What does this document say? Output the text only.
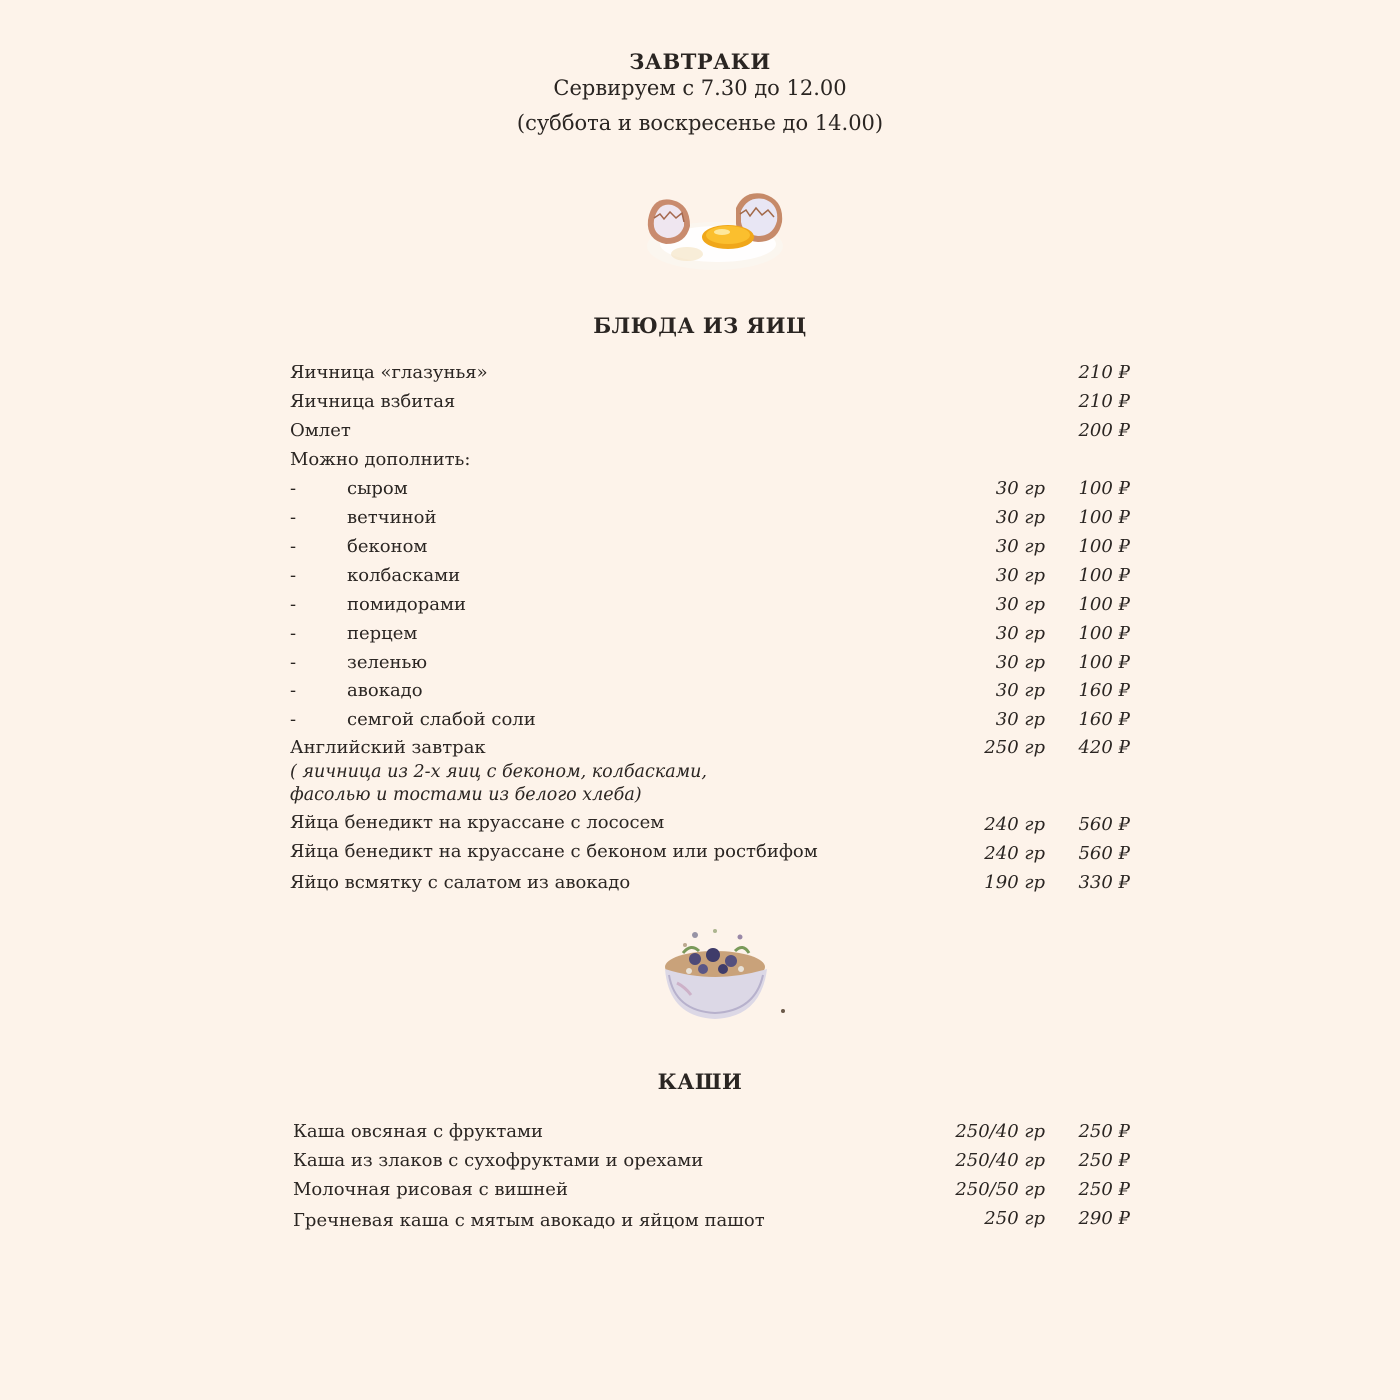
ЗАВТРАКИ
Сервируем с 7.30 до 12.00
(суббота и воскресенье до 14.00)
БЛЮДА ИЗ ЯИЦ
Яичница «глазунья»	210 ₽
Яичница взбитая	210 ₽
Омлет	200 ₽
Можно дополнить:
-	сыром	30 гр 100 ₽
-	ветчиной	30 гр 100 ₽
-	беконом	30 гр 100 ₽
-	колбасками	30 гр 100 ₽
-	помидорами	30 гр 100 ₽
-	перцем	30 гр 100 ₽
-	зеленью	30 гр 100 ₽
-	авокадо	30 гр 160 ₽
-	семгой слабой соли	30 гр 160 ₽
Английский завтрак	250 гр 420 ₽
( яичница из 2-х яиц с беконом, колбасками,
фасолью и тостами из белого хлеба)
Яйца бенедикт на круассане с лососем	240 гр 560 ₽
Яйца бенедикт на круассане с беконом или ростбифом	240 гр 560 ₽
Яйцо всмятку с салатом из авокадо	190 гр 330 ₽
КАШИ
Каша овсяная с фруктами	250/40 гр 250 ₽
Каша из злаков с сухофруктами и орехами	250/40 гр 250 ₽
Молочная рисовая с вишней	250/50 гр 250 ₽
Гречневая каша с мятым авокадо и яйцом пашот	250 гр 290 ₽
